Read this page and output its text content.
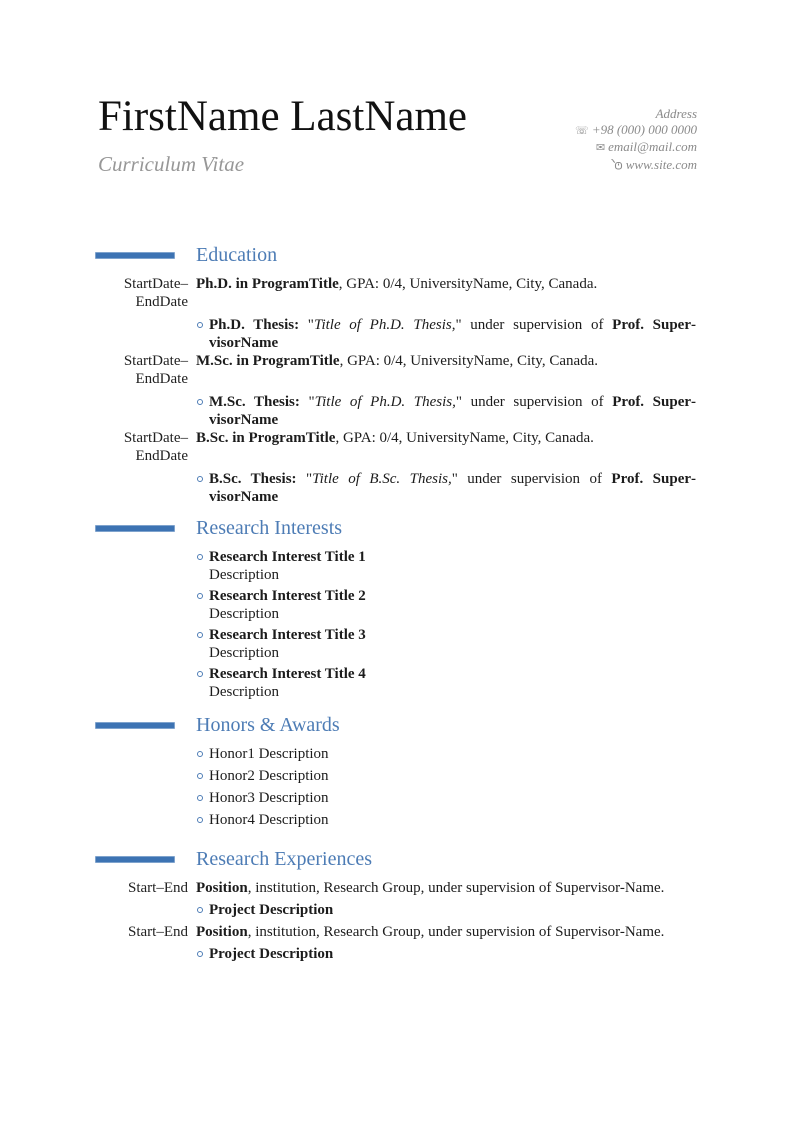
FirstName LastName
Curriculum Vitae
Address
☏ +98 (000) 000 0000
✉ email@mail.com
www.site.com
Education
StartDate–
EndDate

Ph.D. in ProgramTitle, GPA: 0/4, UniversityName, City, Canada.

Ph.D. Thesis: "Title of Ph.D. Thesis," under supervision of Prof. SupervisorName
StartDate–
EndDate

M.Sc. in ProgramTitle, GPA: 0/4, UniversityName, City, Canada.

M.Sc. Thesis: "Title of Ph.D. Thesis," under supervision of Prof. SupervisorName
StartDate–
EndDate

B.Sc. in ProgramTitle, GPA: 0/4, UniversityName, City, Canada.

B.Sc. Thesis: "Title of B.Sc. Thesis," under supervision of Prof. SupervisorName
Research Interests
Research Interest Title 1
Description
Research Interest Title 2
Description
Research Interest Title 3
Description
Research Interest Title 4
Description
Honors & Awards
Honor1 Description
Honor2 Description
Honor3 Description
Honor4 Description
Research Experiences
Start–End Position, institution, Research Group, under supervision of Supervisor-Name.

Project Description
Start–End Position, institution, Research Group, under supervision of Supervisor-Name.

Project Description
